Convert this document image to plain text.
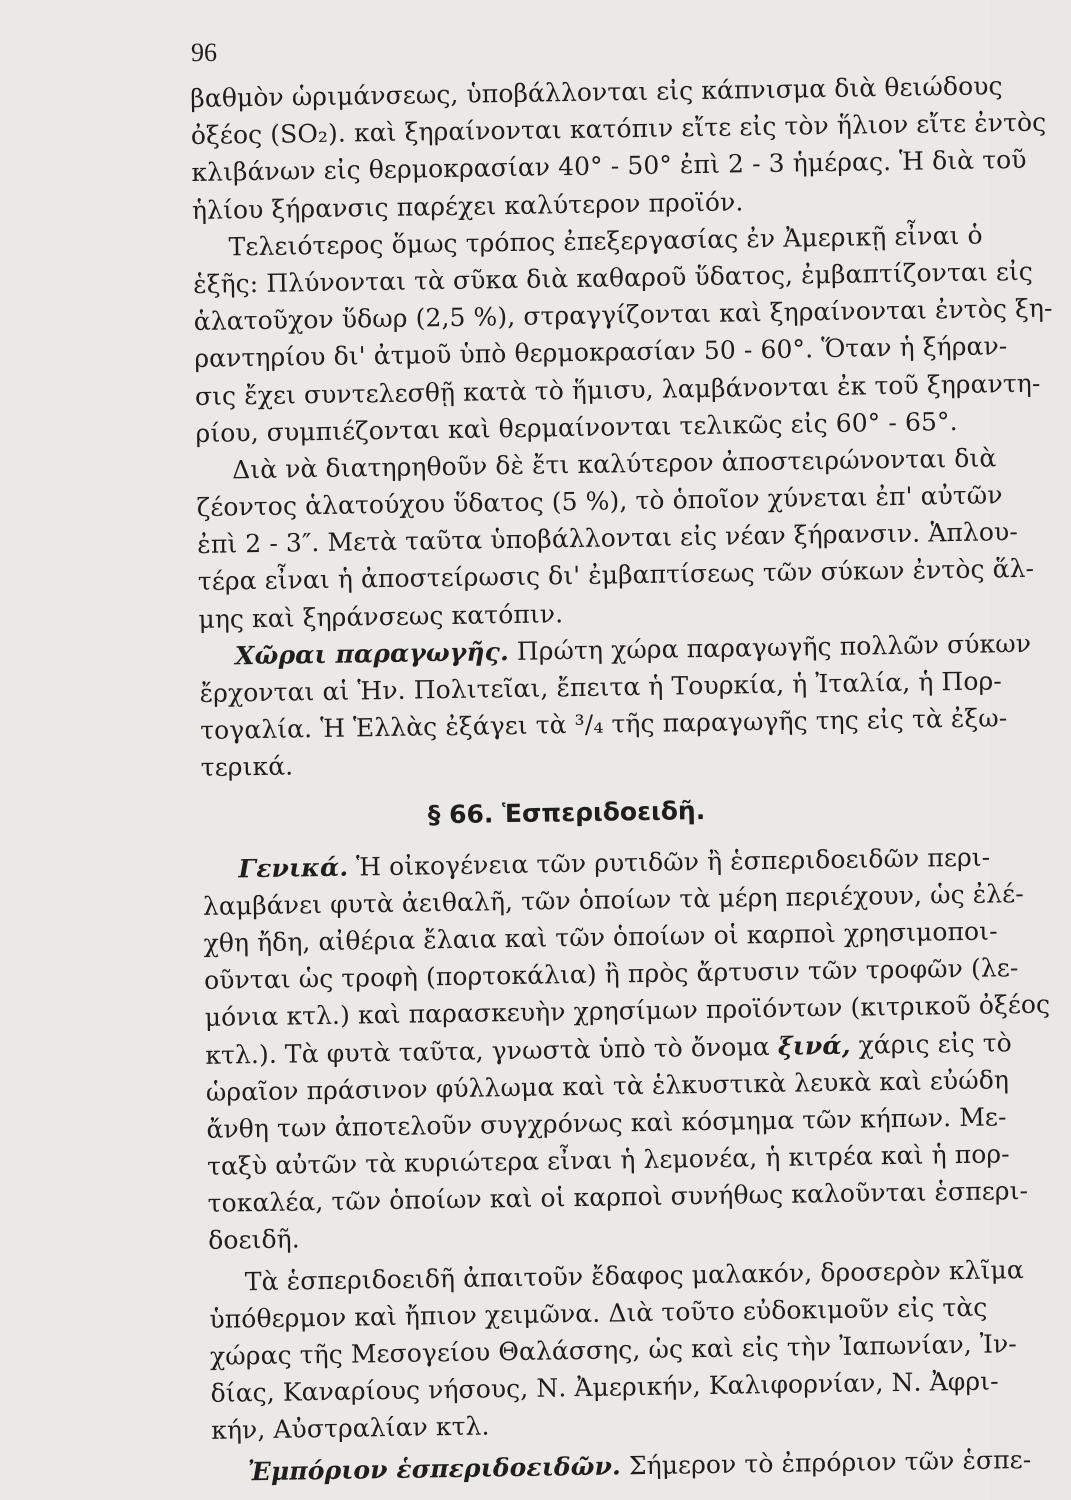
96
βαθμὸν ὡριμάνσεως, ὑποβάλλονται εἰς κάπνισμα διὰ θειώδους
ὀξέος (SO₂). καὶ ξηραίνονται κατόπιν εἴτε εἰς τὸν ἥλιον εἴτε ἐντὸς
κλιβάνων εἰς θερμοκρασίαν 40° - 50° ἐπὶ 2 - 3 ἡμέρας. Ἡ διὰ τοῦ
ἡλίου ξήρανσις παρέχει καλύτερον προϊόν.
Τελειότερος ὅμως τρόπος ἐπεξεργασίας ἐν Ἀμερικῇ εἶναι ὁ
ἑξῆς: Πλύνονται τὰ σῦκα διὰ καθαροῦ ὕδατος, ἐμβαπτίζονται εἰς
ἁλατοῦχον ὕδωρ (2,5 %), στραγγίζονται καὶ ξηραίνονται ἐντὸς ξη-
ραντηρίου δι' ἀτμοῦ ὑπὸ θερμοκρασίαν 50 - 60°. Ὅταν ἡ ξήραν-
σις ἔχει συντελεσθῇ κατὰ τὸ ἥμισυ, λαμβάνονται ἐκ τοῦ ξηραντη-
ρίου, συμπιέζονται καὶ θερμαίνονται τελικῶς εἰς 60° - 65°.
Διὰ νὰ διατηρηθοῦν δὲ ἔτι καλύτερον ἀποστειρώνονται διὰ
ζέοντος ἁλατούχου ὕδατος (5 %), τὸ ὁποῖον χύνεται ἐπ' αὐτῶν
ἐπὶ 2 - 3″. Μετὰ ταῦτα ὑποβάλλονται εἰς νέαν ξήρανσιν. Ἁπλου-
τέρα εἶναι ἡ ἀποστείρωσις δι' ἐμβαπτίσεως τῶν σύκων ἐντὸς ἅλ-
μης καὶ ξηράνσεως κατόπιν.
Χῶραι παραγωγῆς. Πρώτη χώρα παραγωγῆς πολλῶν σύκων
ἔρχονται αἱ Ἡν. Πολιτεῖαι, ἔπειτα ἡ Τουρκία, ἡ Ἰταλία, ἡ Πορ-
τογαλία. Ἡ Ἑλλὰς ἐξάγει τὰ ³/₄ τῆς παραγωγῆς της εἰς τὰ ἐξω-
τερικά.
§ 66. Ἑσπεριδοειδῆ.
Γενικά. Ἡ οἰκογένεια τῶν ρυτιδῶν ἢ ἑσπεριδοειδῶν περι-
λαμβάνει φυτὰ ἀειθαλῆ, τῶν ὁποίων τὰ μέρη περιέχουν, ὡς ἐλέ-
χθη ἤδη, αἰθέρια ἔλαια καὶ τῶν ὁποίων οἱ καρποὶ χρησιμοποι-
οῦνται ὡς τροφὴ (πορτοκάλια) ἢ πρὸς ἄρτυσιν τῶν τροφῶν (λε-
μόνια κτλ.) καὶ παρασκευὴν χρησίμων προϊόντων (κιτρικοῦ ὀξέος
κτλ.). Τὰ φυτὰ ταῦτα, γνωστὰ ὑπὸ τὸ ὄνομα ξινά, χάρις εἰς τὸ
ὡραῖον πράσινον φύλλωμα καὶ τὰ ἑλκυστικὰ λευκὰ καὶ εὐώδη
ἄνθη των ἀποτελοῦν συγχρόνως καὶ κόσμημα τῶν κήπων. Με-
ταξὺ αὐτῶν τὰ κυριώτερα εἶναι ἡ λεμονέα, ἡ κιτρέα καὶ ἡ πορ-
τοκαλέα, τῶν ὁποίων καὶ οἱ καρποὶ συνήθως καλοῦνται ἑσπερι-
δοειδῆ.
Τὰ ἑσπεριδοειδῆ ἀπαιτοῦν ἔδαφος μαλακόν, δροσερὸν κλῖμα
ὑπόθερμον καὶ ἤπιον χειμῶνα. Διὰ τοῦτο εὐδοκιμοῦν εἰς τὰς
χώρας τῆς Μεσογείου Θαλάσσης, ὡς καὶ εἰς τὴν Ἰαπωνίαν, Ἰν-
δίας, Καναρίους νήσους, Ν. Ἀμερικήν, Καλιφορνίαν, Ν. Ἀφρι-
κήν, Αὐστραλίαν κτλ.
Ἐμπόριον ἑσπεριδοειδῶν. Σήμερον τὸ ἐπρόριον τῶν ἑσπε-
